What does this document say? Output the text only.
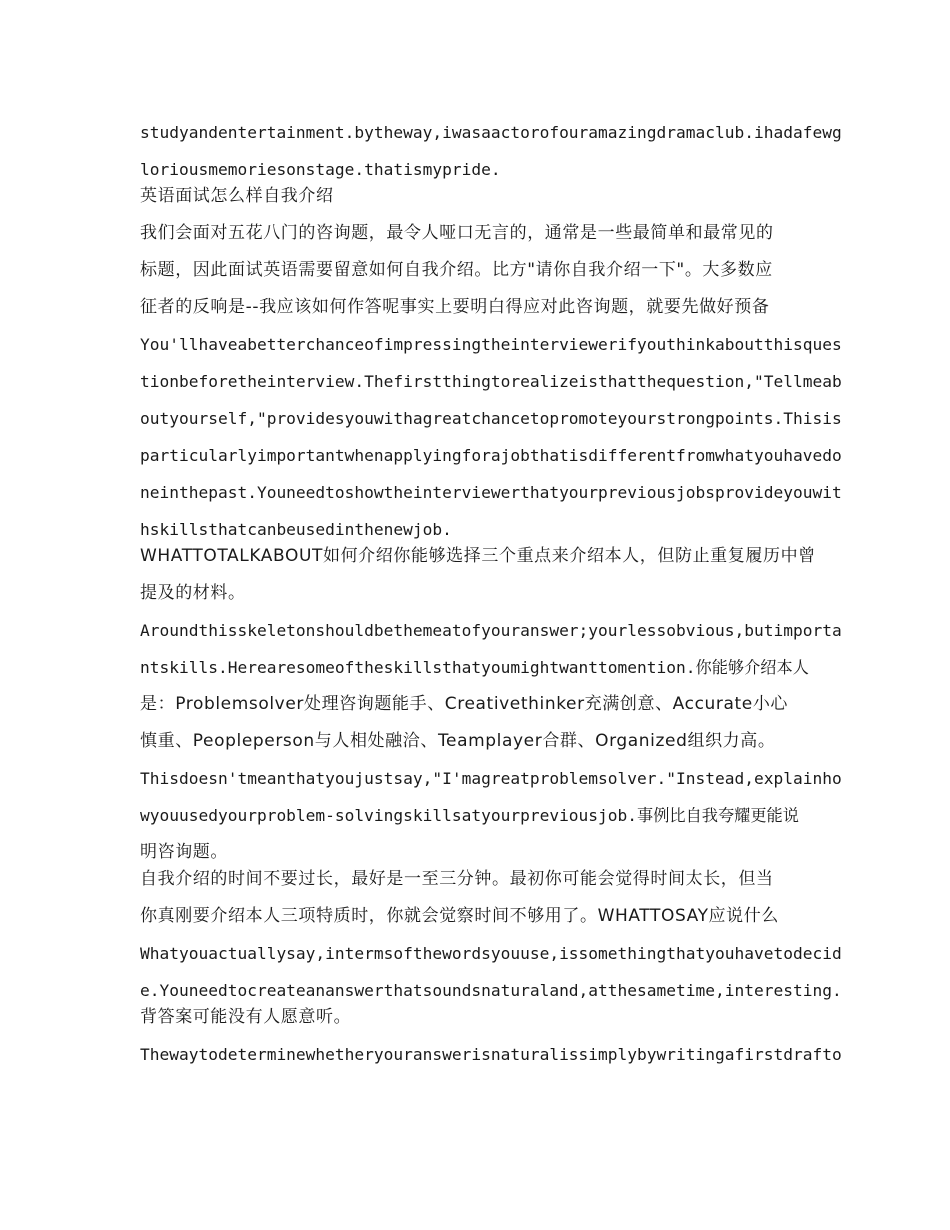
studyandentertainment.bytheway,iwasaactorofouramazingdramaclub.ihadafewg
loriousmemoriesonstage.thatismypride.
英语面试怎么样自我介绍
我们会面对五花八门的咨询题，最令人哑口无言的，通常是一些最简单和最常见的
标题，因此面试英语需要留意如何自我介绍。比方"请你自我介绍一下"。大多数应
征者的反响是--我应该如何作答呢事实上要明白得应对此咨询题，就要先做好预备
You'llhaveabetterchanceofimpressingtheinterviewerifyouthinkaboutthisques
tionbeforetheinterview.Thefirstthingtorealizeisthatthequestion,"Tellmeab
outyourself,"providesyouwithagreatchancetopromoteyourstrongpoints.Thisis
particularlyimportantwhenapplyingforajobthatisdifferentfromwhatyouhavedo
neinthepast.Youneedtoshowtheinterviewerthatyourpreviousjobsprovideyouwit
hskillsthatcanbeusedinthenewjob.
WHATTOTALKABOUT如何介绍你能够选择三个重点来介绍本人，但防止重复履历中曾
提及的材料。
Aroundthisskeletonshouldbethemeatofyouranswer;yourlessobvious,butimporta
ntskills.Herearesomeoftheskillsthatyoumightwanttomention.你能够介绍本人
是：Problemsolver处理咨询题能手、Creativethinker充满创意、Accurate小心
慎重、Peopleperson与人相处融洽、Teamplayer合群、Organized组织力高。
Thisdoesn'tmeanthatyoujustsay,"I'magreatproblemsolver."Instead,explainho
wyouusedyourproblem-solvingskillsatyourpreviousjob.事例比自我夸耀更能说
明咨询题。
自我介绍的时间不要过长，最好是一至三分钟。最初你可能会觉得时间太长，但当
你真刚要介绍本人三项特质时，你就会觉察时间不够用了。WHATTOSAY应说什么
Whatyouactuallysay,intermsofthewordsyouuse,issomethingthatyouhavetodecid
e.Youneedtocreateananswerthatsoundsnaturaland,atthesametime,interesting.
背答案可能没有人愿意听。
Thewaytodeterminewhetheryouranswerisnaturalissimplybywritingafirstdrafto
